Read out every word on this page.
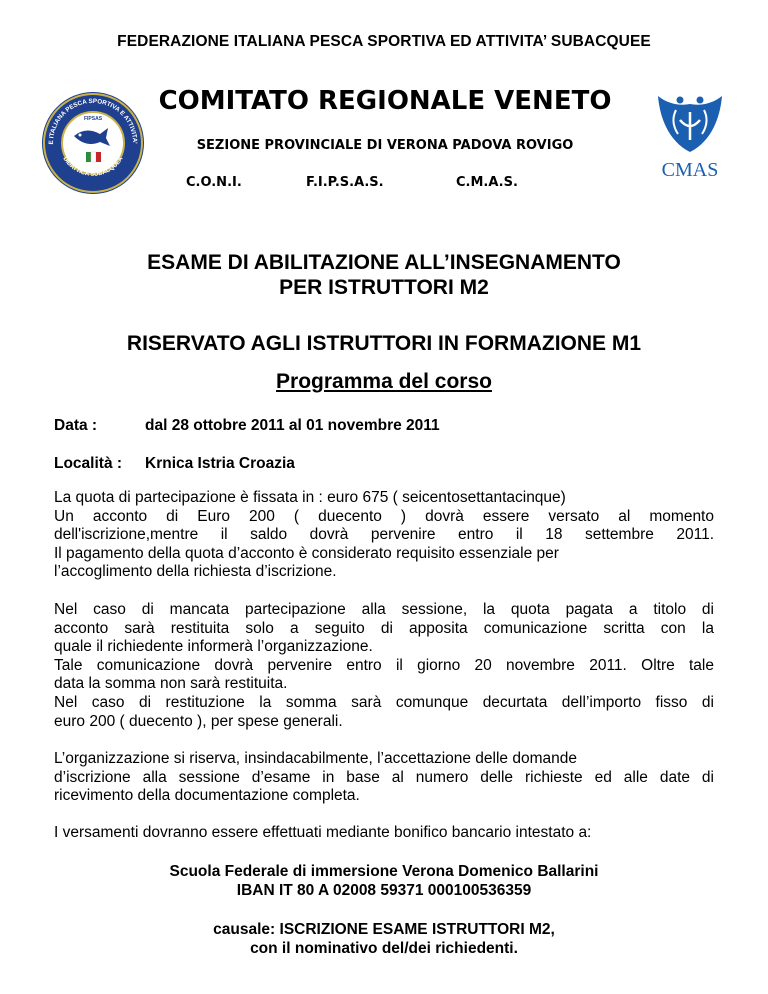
FEDERAZIONE ITALIANA PESCA SPORTIVA ED ATTIVITA’ SUBACQUEE
E ITALIANA PESCA SPORTIVA E ATTIVITA’
DIDATTICA SUBACQUEA
FIPSAS
COMITATO REGIONALE VENETO
SEZIONE PROVINCIALE DI VERONA PADOVA ROVIGO
CMAS
C.O.N.I.	F.I.P.S.A.S.	C.M.A.S.
ESAME DI ABILITAZIONE ALL’INSEGNAMENTO
PER ISTRUTTORI M2
RISERVATO AGLI ISTRUTTORI IN FORMAZIONE M1
Programma del corso
Data :	dal 28 ottobre 2011 al 01 novembre 2011
Località : Krnica Istria Croazia
La quota di partecipazione è fissata in : euro 675 ( seicentosettantacinque)
Un acconto di Euro 200 ( duecento ) dovrà essere versato al momento
dell'iscrizione,mentre il saldo dovrà pervenire entro il 18 settembre 2011.
Il pagamento della quota d’acconto è considerato requisito essenziale per
l’accoglimento della richiesta d’iscrizione.
Nel caso di mancata partecipazione alla sessione, la quota pagata a titolo di
acconto sarà restituita solo a seguito di apposita comunicazione scritta con la
quale il richiedente informerà l’organizzazione.
Tale comunicazione dovrà pervenire entro il giorno 20 novembre 2011. Oltre tale
data la somma non sarà restituita.
Nel caso di restituzione la somma sarà comunque decurtata dell’importo fisso di
euro 200 ( duecento ), per spese generali.
L’organizzazione si riserva, insindacabilmente, l’accettazione delle domande
d’iscrizione alla sessione d’esame in base al numero delle richieste ed alle date di
ricevimento della documentazione completa.
I versamenti dovranno essere effettuati mediante bonifico bancario intestato a:
Scuola Federale di immersione Verona Domenico Ballarini
IBAN IT 80 A 02008 59371 000100536359
causale: ISCRIZIONE ESAME ISTRUTTORI M2,
con il nominativo del/dei richiedenti.
